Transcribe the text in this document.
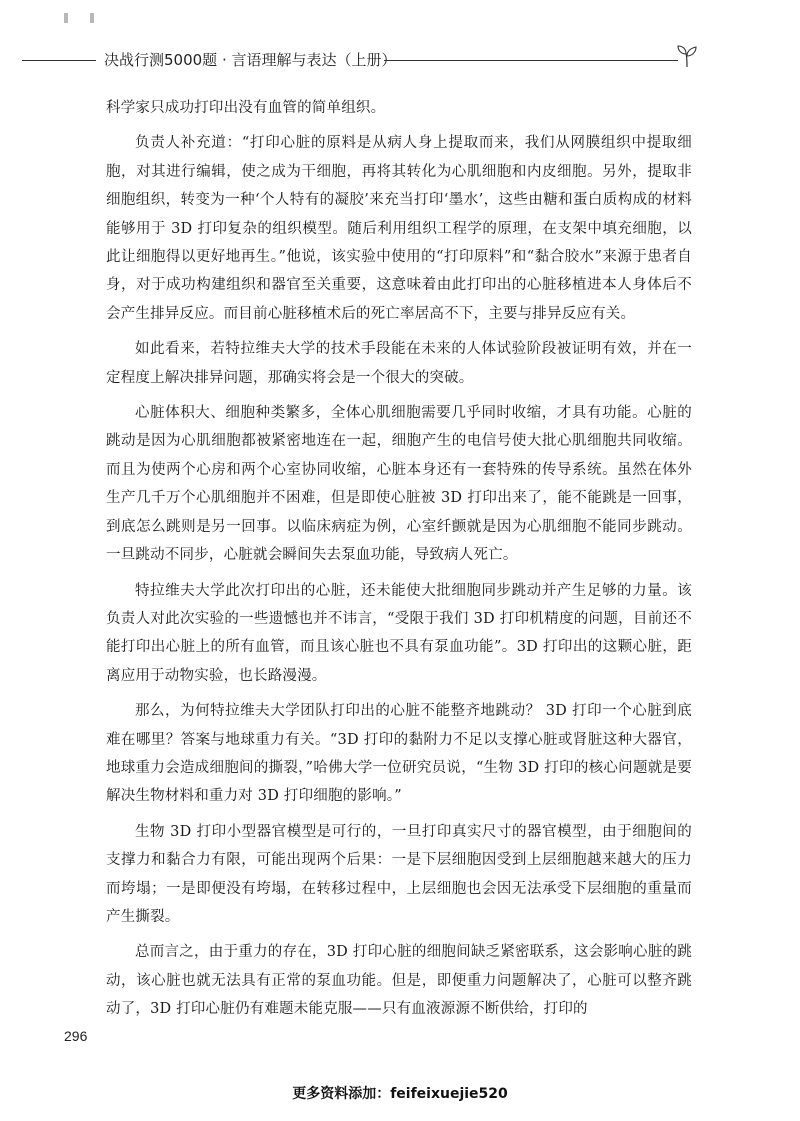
决战行测5000题 · 言语理解与表达（上册）

科学家只成功打印出没有血管的简单组织。

负责人补充道：“打印心脏的原料是从病人身上提取而来，我们从网膜组织中提取细胞，对其进行编辑，使之成为干细胞，再将其转化为心肌细胞和内皮细胞。另外，提取非细胞组织，转变为一种‘个人特有的凝胶’来充当打印‘墨水’，这些由糖和蛋白质构成的材料能够用于 3D 打印复杂的组织模型。随后利用组织工程学的原理，在支架中填充细胞，以此让细胞得以更好地再生。”他说，该实验中使用的“打印原料”和“黏合胶水”来源于患者自身，对于成功构建组织和器官至关重要，这意味着由此打印出的心脏移植进本人身体后不会产生排异反应。而目前心脏移植术后的死亡率居高不下，主要与排异反应有关。

如此看来，若特拉维夫大学的技术手段能在未来的人体试验阶段被证明有效，并在一定程度上解决排异问题，那确实将会是一个很大的突破。

心脏体积大、细胞种类繁多，全体心肌细胞需要几乎同时收缩，才具有功能。心脏的跳动是因为心肌细胞都被紧密地连在一起，细胞产生的电信号使大批心肌细胞共同收缩。而且为使两个心房和两个心室协同收缩，心脏本身还有一套特殊的传导系统。虽然在体外生产几千万个心肌细胞并不困难，但是即使心脏被 3D 打印出来了，能不能跳是一回事，到底怎么跳则是另一回事。以临床病症为例，心室纤颤就是因为心肌细胞不能同步跳动。一旦跳动不同步，心脏就会瞬间失去泵血功能，导致病人死亡。

特拉维夫大学此次打印出的心脏，还未能使大批细胞同步跳动并产生足够的力量。该负责人对此次实验的一些遗憾也并不讳言，“受限于我们 3D 打印机精度的问题，目前还不能打印出心脏上的所有血管，而且该心脏也不具有泵血功能”。3D 打印出的这颗心脏，距离应用于动物实验，也长路漫漫。

那么，为何特拉维夫大学团队打印出的心脏不能整齐地跳动？ 3D 打印一个心脏到底难在哪里？答案与地球重力有关。“3D 打印的黏附力不足以支撑心脏或肾脏这种大器官，地球重力会造成细胞间的撕裂，”哈佛大学一位研究员说，“生物 3D 打印的核心问题就是要解决生物材料和重力对 3D 打印细胞的影响。”

生物 3D 打印小型器官模型是可行的，一旦打印真实尺寸的器官模型，由于细胞间的支撑力和黏合力有限，可能出现两个后果：一是下层细胞因受到上层细胞越来越大的压力而垮塌；一是即便没有垮塌，在转移过程中，上层细胞也会因无法承受下层细胞的重量而产生撕裂。

总而言之，由于重力的存在，3D 打印心脏的细胞间缺乏紧密联系，这会影响心脏的跳动，该心脏也就无法具有正常的泵血功能。但是，即便重力问题解决了，心脏可以整齐跳动了，3D 打印心脏仍有难题未能克服——只有血液源源不断供给，打印的

296
更多资料添加：feifeixuejie520
